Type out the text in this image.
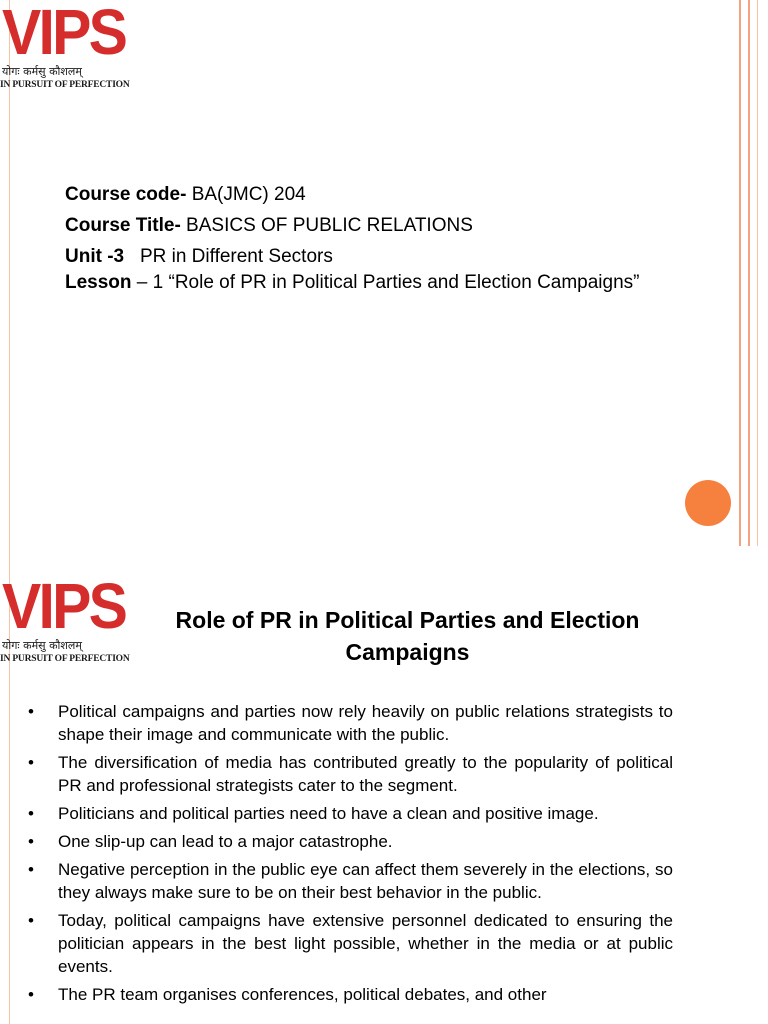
VIPS
योगः कर्मसु कौशलम्
IN PURSUIT OF PERFECTION
Course code- BA(JMC) 204
Course Title- BASICS OF PUBLIC RELATIONS
Unit -3   PR in Different Sectors
Lesson – 1 “Role of PR in Political Parties and Election Campaigns”
VIPS
योगः कर्मसु कौशलम्
IN PURSUIT OF PERFECTION
Role of PR in Political Parties and Election Campaigns
• Political campaigns and parties now rely heavily on public relations strategists to shape their image and communicate with the public.
• The diversification of media has contributed greatly to the popularity of political PR and professional strategists cater to the segment.
• Politicians and political parties need to have a clean and positive image.
• One slip-up can lead to a major catastrophe.
• Negative perception in the public eye can affect them severely in the elections, so they always make sure to be on their best behavior in the public.
• Today, political campaigns have extensive personnel dedicated to ensuring the politician appears in the best light possible, whether in the media or at public events.
• The PR team organises conferences, political debates, and other
